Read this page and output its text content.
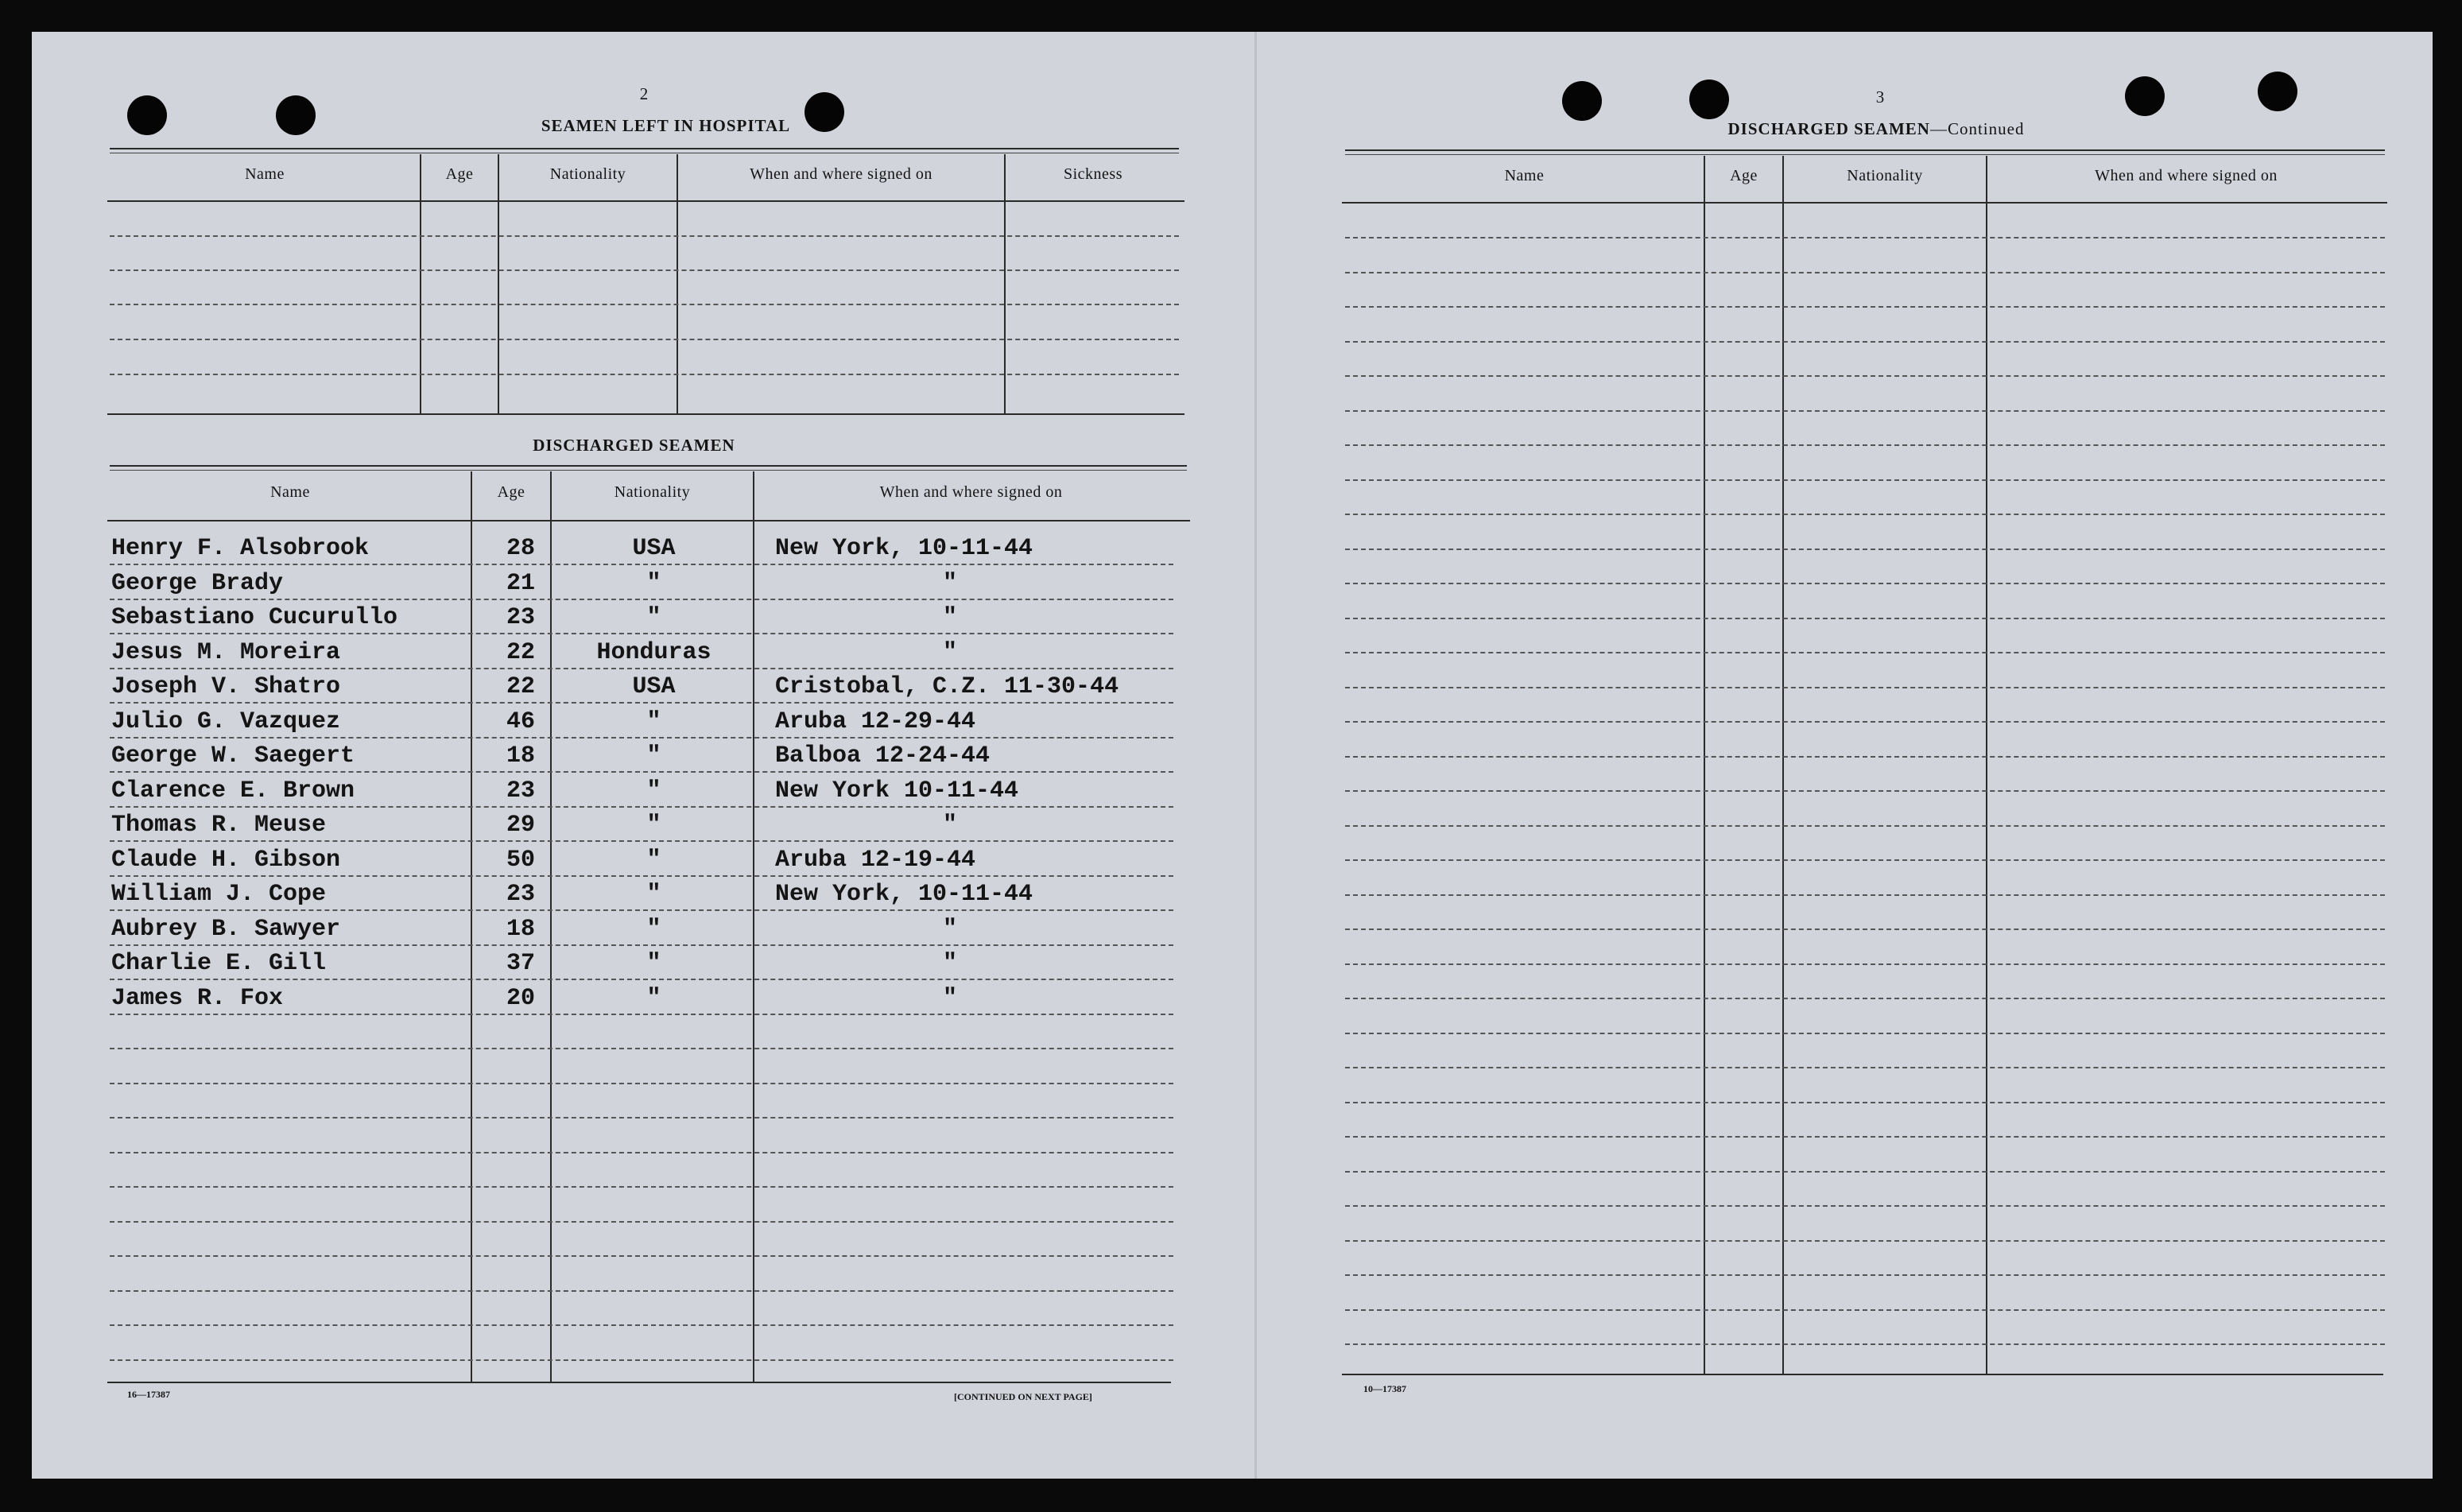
2
SEAMEN LEFT IN HOSPITAL
Name	Age	Nationality	When and where signed on	Sickness
DISCHARGED SEAMEN
Name	Age	Nationality	When and where signed on
Henry F. Alsobrook	28	USA	New York, 10-11-44
George Brady	21	"	"
Sebastiano Cucurullo	23	"	"
Jesus M. Moreira	22	Honduras	"
Joseph V. Shatro	22	USA	Cristobal, C.Z. 11-30-44
Julio G. Vazquez	46	"	Aruba 12-29-44
George W. Saegert	18	"	Balboa 12-24-44
Clarence E. Brown	23	"	New York 10-11-44
Thomas R. Meuse	29	"	"
Claude H. Gibson	50	"	Aruba 12-19-44
William J. Cope	23	"	New York, 10-11-44
Aubrey B. Sawyer	18	"	"
Charlie E. Gill	37	"	"
James R. Fox	20	"	"
16—17387	[CONTINUED ON NEXT PAGE]
3
DISCHARGED SEAMEN—Continued
Name	Age	Nationality	When and where signed on
10—17387
